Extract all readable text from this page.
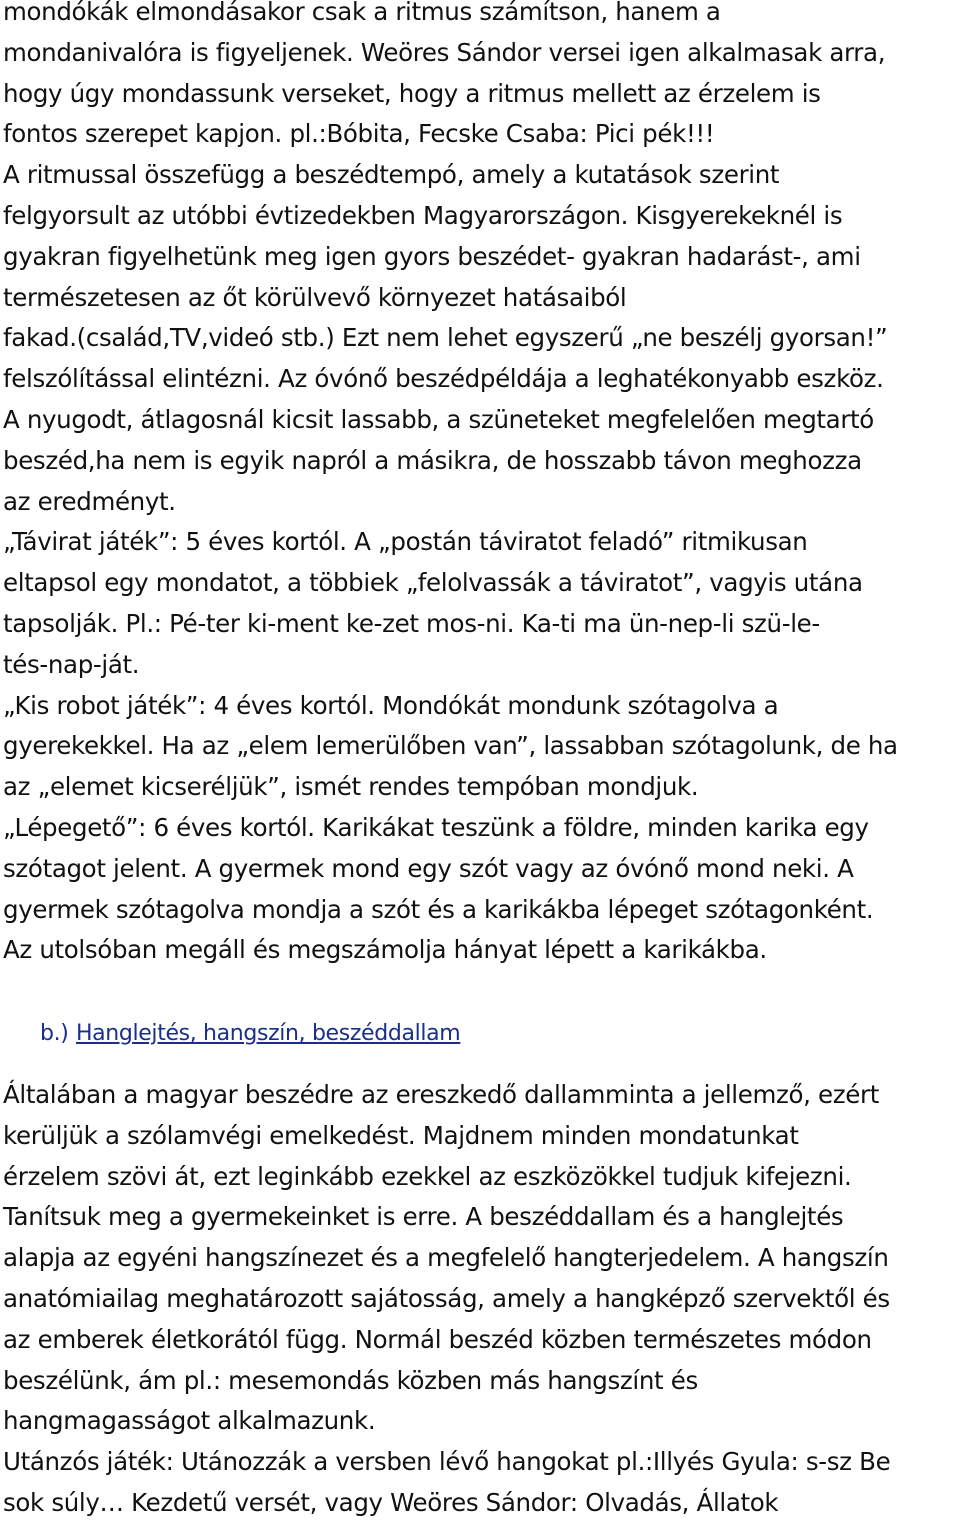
mondókák elmondásakor csak a ritmus számítson, hanem a
mondanivalóra is figyeljenek. Weöres Sándor versei igen alkalmasak arra,
hogy úgy mondassunk verseket, hogy a ritmus mellett az érzelem is
fontos szerepet kapjon. pl.:Bóbita, Fecske Csaba: Pici pék!!!
A ritmussal összefügg a beszédtempó, amely a kutatások szerint
felgyorsult az utóbbi évtizedekben Magyarországon. Kisgyerekeknél is
gyakran figyelhetünk meg igen gyors beszédet- gyakran hadarást-, ami
természetesen az őt körülvevő környezet hatásaiból
fakad.(család,TV,videó stb.) Ezt nem lehet egyszerű „ne beszélj gyorsan!”
felszólítással elintézni. Az óvónő beszédpéldája a leghatékonyabb eszköz.
A nyugodt, átlagosnál kicsit lassabb, a szüneteket megfelelően megtartó
beszéd,ha nem is egyik napról a másikra, de hosszabb távon meghozza
az eredményt.
„Távirat játék”: 5 éves kortól. A „postán táviratot feladó” ritmikusan
eltapsol egy mondatot, a többiek „felolvassák a táviratot”, vagyis utána
tapsolják. Pl.: Pé-ter ki-ment ke-zet mos-ni. Ka-ti ma ün-nep-li szü-le-
tés-nap-ját.
„Kis robot játék”: 4 éves kortól. Mondókát mondunk szótagolva a
gyerekekkel. Ha az „elem lemerülőben van”, lassabban szótagolunk, de ha
az „elemet kicseréljük”, ismét rendes tempóban mondjuk.
„Lépegető”: 6 éves kortól. Karikákat teszünk a földre, minden karika egy
szótagot jelent. A gyermek mond egy szót vagy az óvónő mond neki. A
gyermek szótagolva mondja a szót és a karikákba lépeget szótagonként.
Az utolsóban megáll és megszámolja hányat lépett a karikákba.
b.) Hanglejtés, hangszín, beszéddallam
Általában a magyar beszédre az ereszkedő dallamminta a jellemző, ezért
kerüljük a szólamvégi emelkedést. Majdnem minden mondatunkat
érzelem szövi át, ezt leginkább ezekkel az eszközökkel tudjuk kifejezni.
Tanítsuk meg a gyermekeinket is erre. A beszéddallam és a hanglejtés
alapja az egyéni hangszínezet és a megfelelő hangterjedelem. A hangszín
anatómiailag meghatározott sajátosság, amely a hangképző szervektől és
az emberek életkorától függ. Normál beszéd közben természetes módon
beszélünk, ám pl.: mesemondás közben más hangszínt és
hangmagasságot alkalmazunk.
Utánzós játék: Utánozzák a versben lévő hangokat pl.:Illyés Gyula: s-sz Be
sok súly… Kezdetű versét, vagy Weöres Sándor: Olvadás, Állatok
